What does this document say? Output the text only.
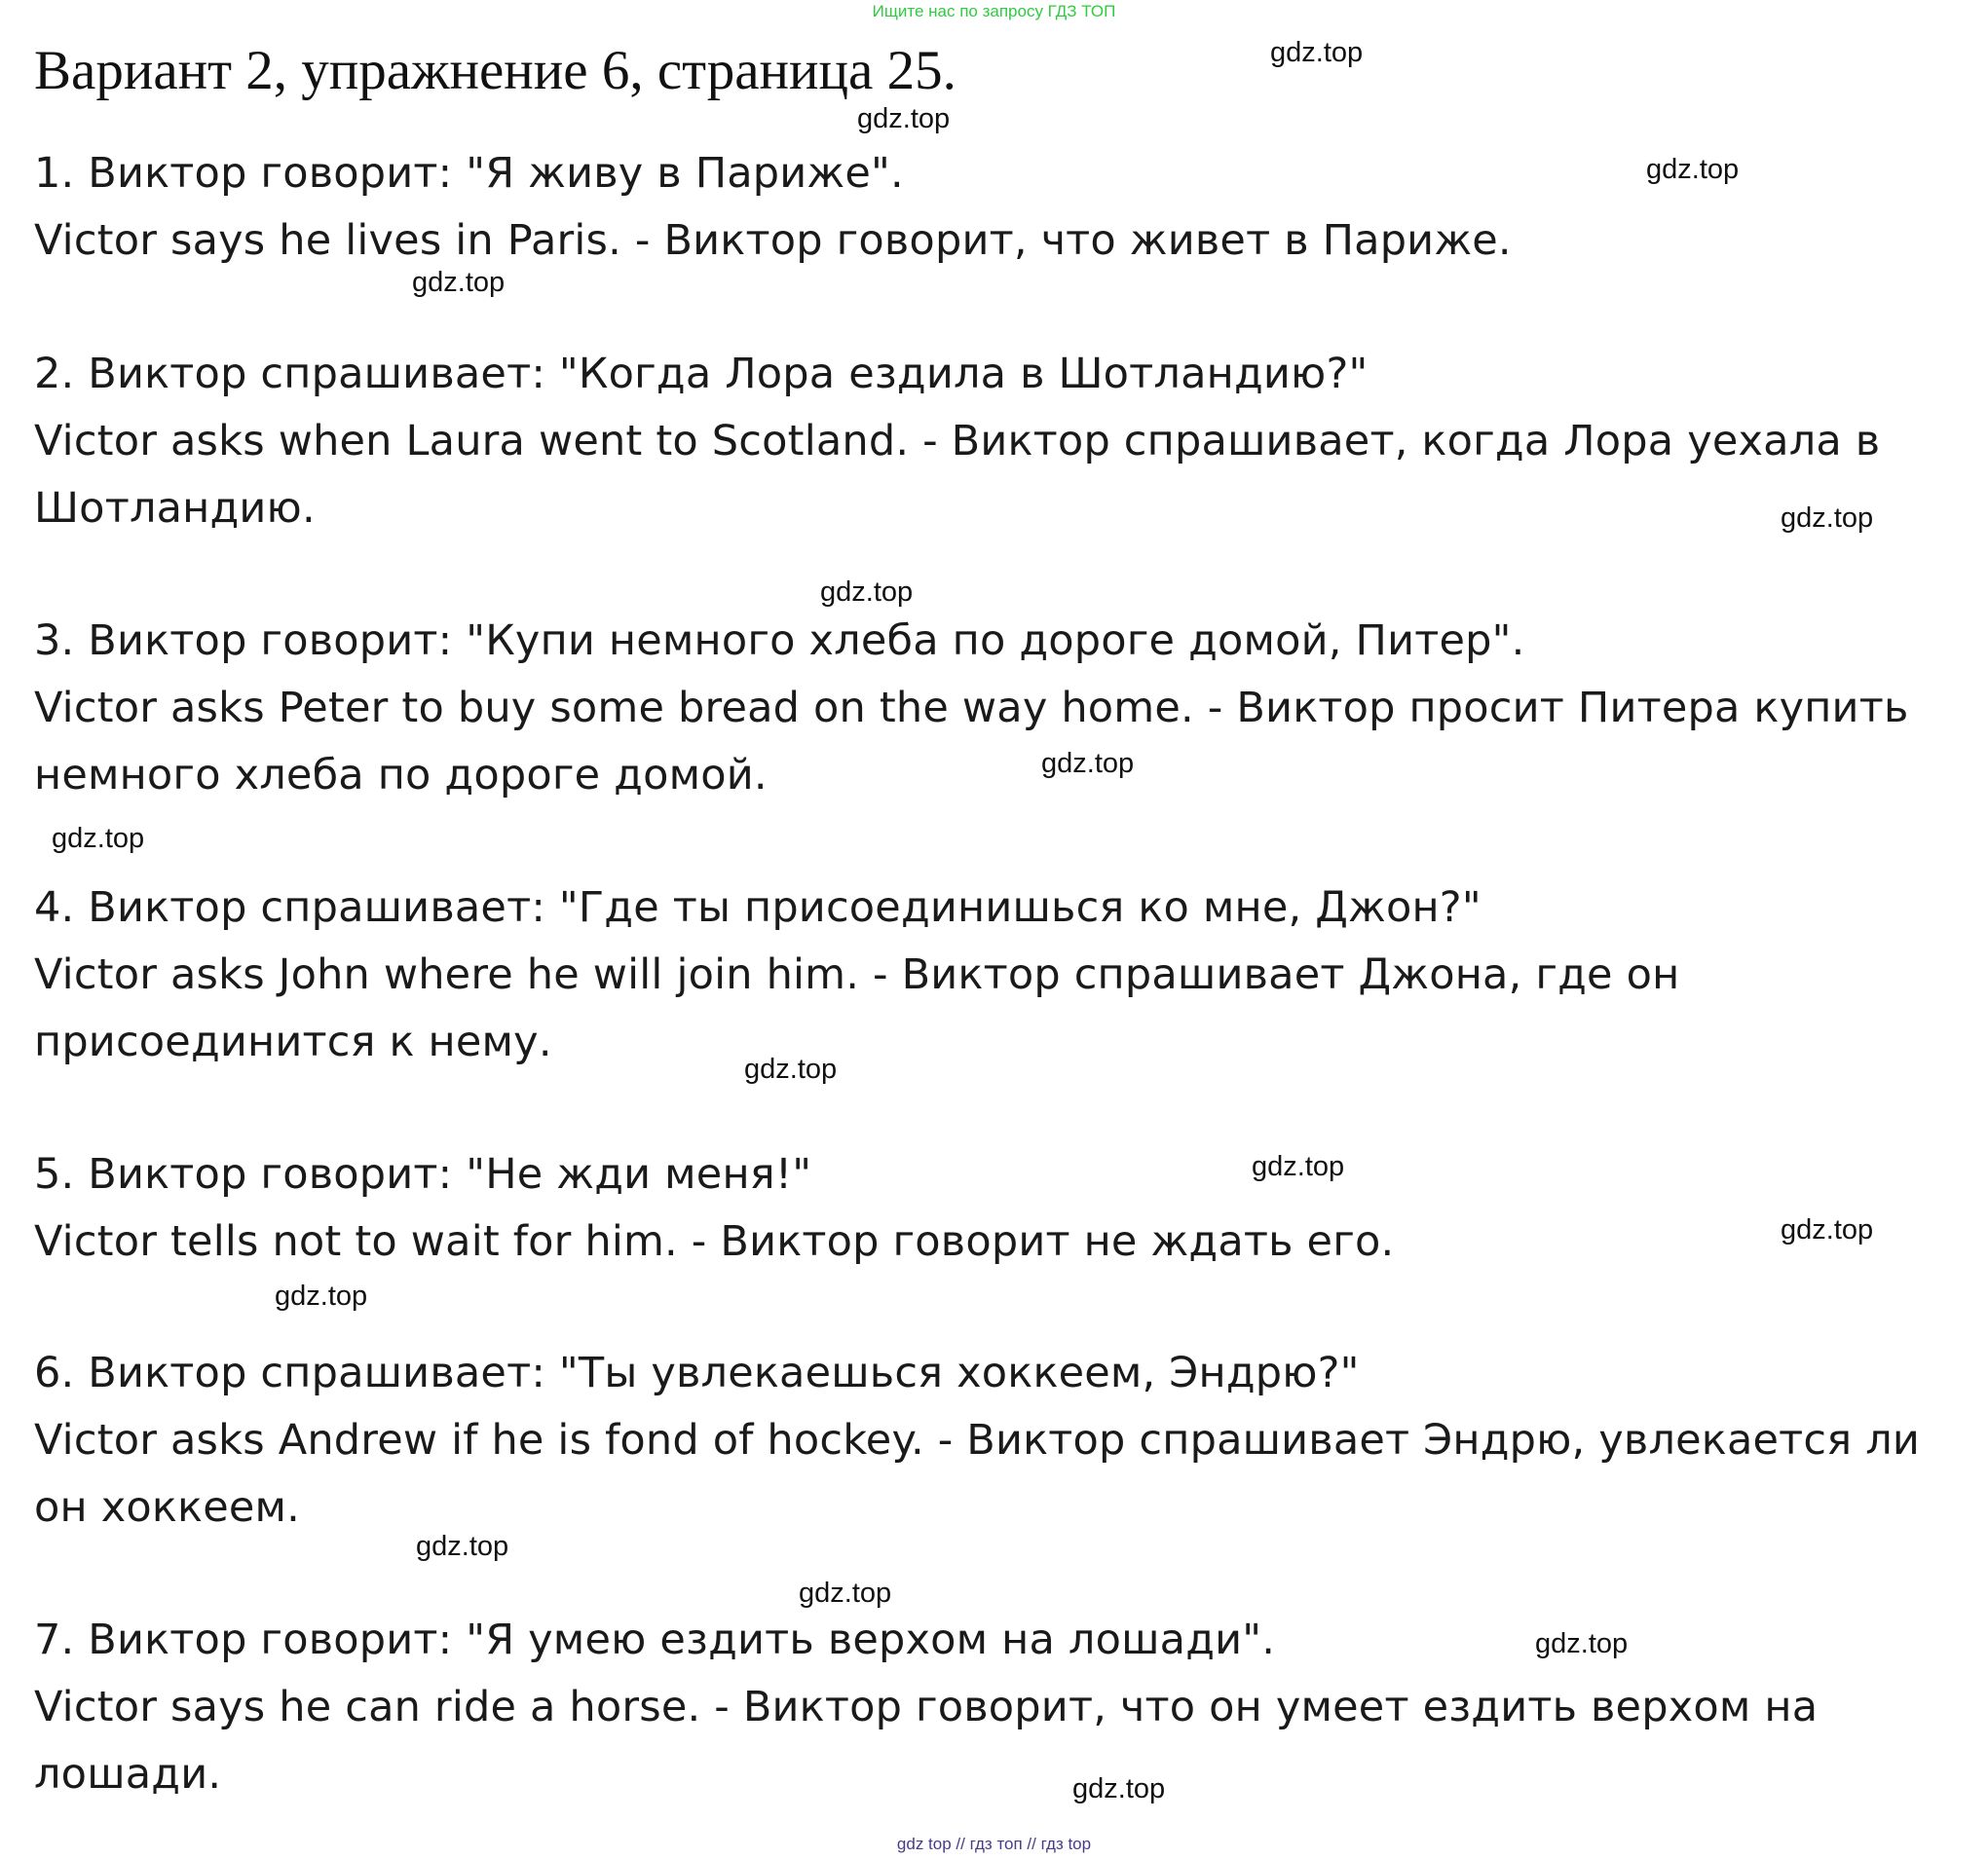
Ищите нас по запросу ГДЗ ТОП
Вариант 2, упражнение 6, страница 25.

1. Виктор говорит: "Я живу в Париже".

Victor says he lives in Paris. - Виктор говорит, что живет в Париже.

2. Виктор спрашивает: "Когда Лора ездила в Шотландию?"

Victor asks when Laura went to Scotland. - Виктор спрашивает, когда Лора уехала в Шотландию.

3. Виктор говорит: "Купи немного хлеба по дороге домой, Питер".

Victor asks Peter to buy some bread on the way home. - Виктор просит Питера купить немного хлеба по дороге домой.

4. Виктор спрашивает: "Где ты присоединишься ко мне, Джон?"

Victor asks John where he will join him. - Виктор спрашивает Джона, где он присоединится к нему.

5. Виктор говорит: "Не жди меня!"

Victor tells not to wait for him. - Виктор говорит не ждать его.

6. Виктор спрашивает: "Ты увлекаешься хоккеем, Эндрю?"

Victor asks Andrew if he is fond of hockey. - Виктор спрашивает Эндрю, увлекается ли он хоккеем.

7. Виктор говорит: "Я умею ездить верхом на лошади".

Victor says he can ride a horse. - Виктор говорит, что он умеет ездить верхом на лошади.

gdz.top
gdz.top
gdz.top
gdz.top
gdz.top
gdz.top
gdz.top
gdz.top
gdz.top
gdz.top
gdz.top
gdz.top
gdz.top
gdz.top
gdz.top
gdz.top
gdz top // гдз топ // гдз top
